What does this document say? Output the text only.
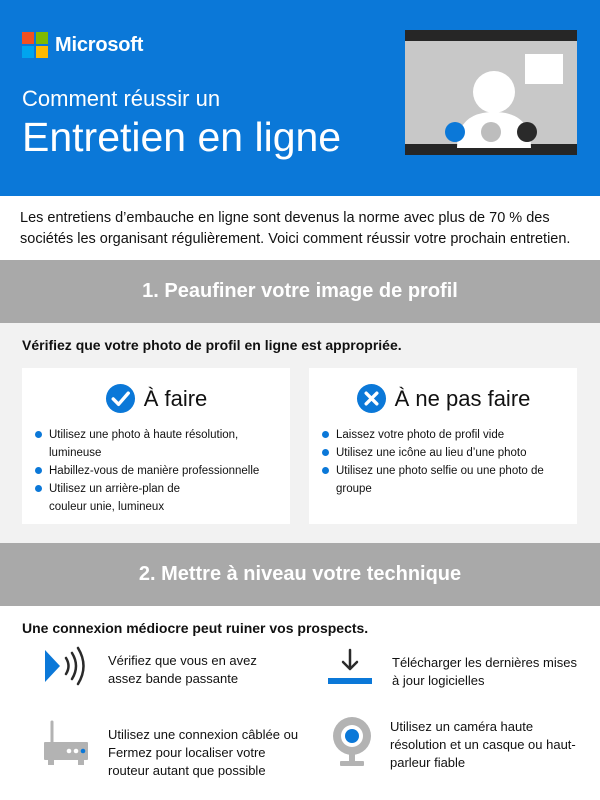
Microsoft
Comment réussir un
Entretien en ligne
Les entretiens d’embauche en ligne sont devenus la norme avec plus de 70 % des sociétés les organisant régulièrement. Voici comment réussir votre prochain entretien.
1. Peaufiner votre image de profil
Vérifiez que votre photo de profil en ligne est appropriée.
À faire
Utilisez une photo à haute résolution, lumineuse
Habillez-vous de manière professionnelle
Utilisez un arrière-plan de couleur unie, lumineux
À ne pas faire
Laissez votre photo de profil vide
Utilisez une icône au lieu d’une photo
Utilisez une photo selfie ou une photo de groupe
2. Mettre à niveau votre technique
Une connexion médiocre peut ruiner vos prospects.
Vérifiez que vous en avez assez bande passante
Télécharger les dernières mises à jour logicielles
Utilisez une connexion câblée ou Fermez pour localiser votre routeur autant que possible
Utilisez un caméra haute résolution et un casque ou haut-parleur fiable
